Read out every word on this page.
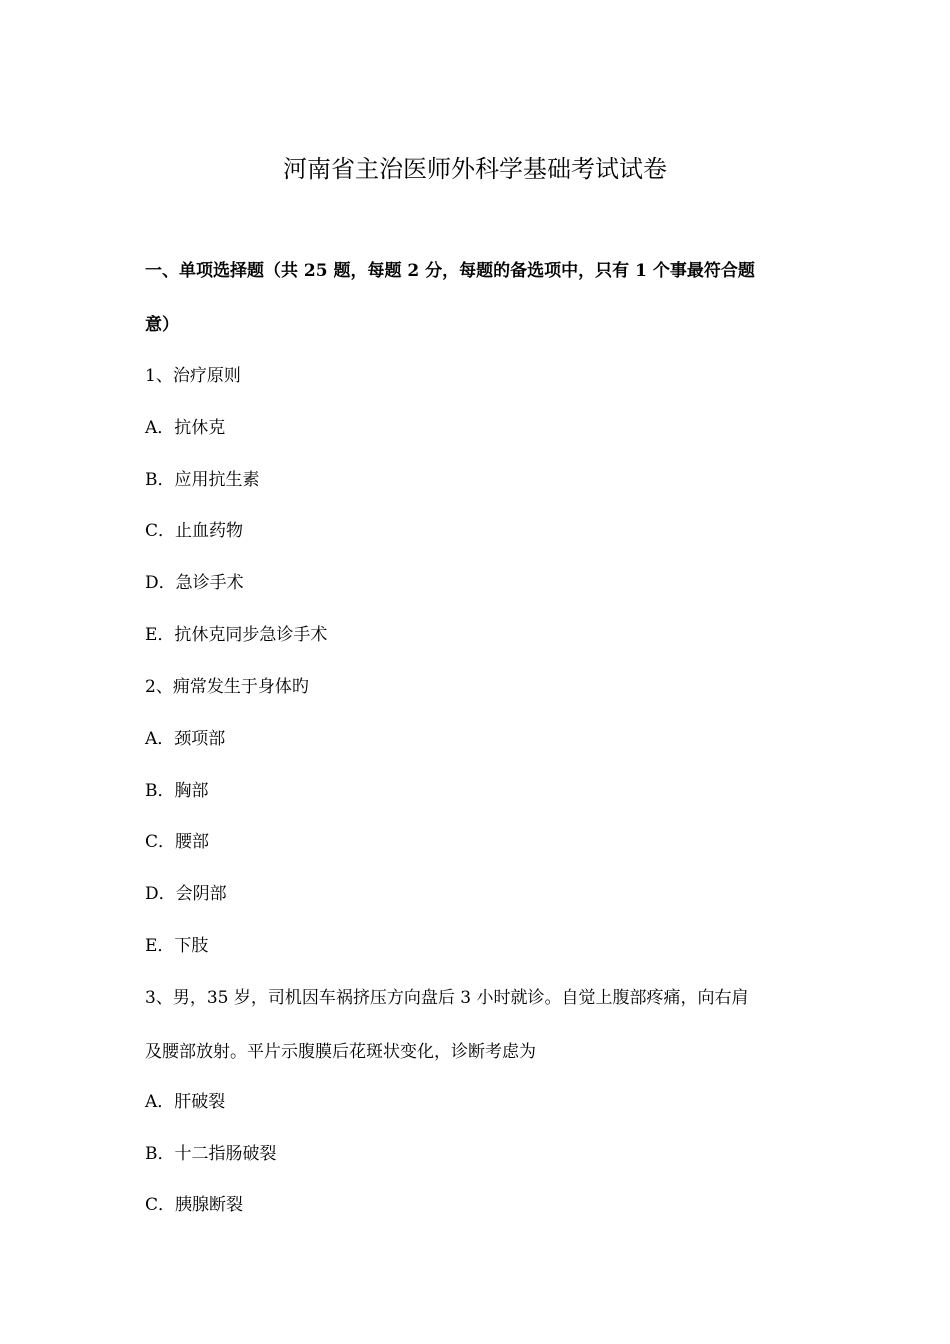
河南省主治医师外科学基础考试试卷

一、单项选择题（共 25 题，每题 2 分，每题的备选项中，只有 1 个事最符合题

意）

1、治疗原则

A．抗休克

B．应用抗生素

C．止血药物

D．急诊手术

E．抗休克同步急诊手术

2、痈常发生于身体旳

A．颈项部

B．胸部

C．腰部

D．会阴部

E．下肢

3、男，35 岁，司机因车祸挤压方向盘后 3 小时就诊。自觉上腹部疼痛，向右肩

及腰部放射。平片示腹膜后花斑状变化，诊断考虑为

A．肝破裂

B．十二指肠破裂

C．胰腺断裂
